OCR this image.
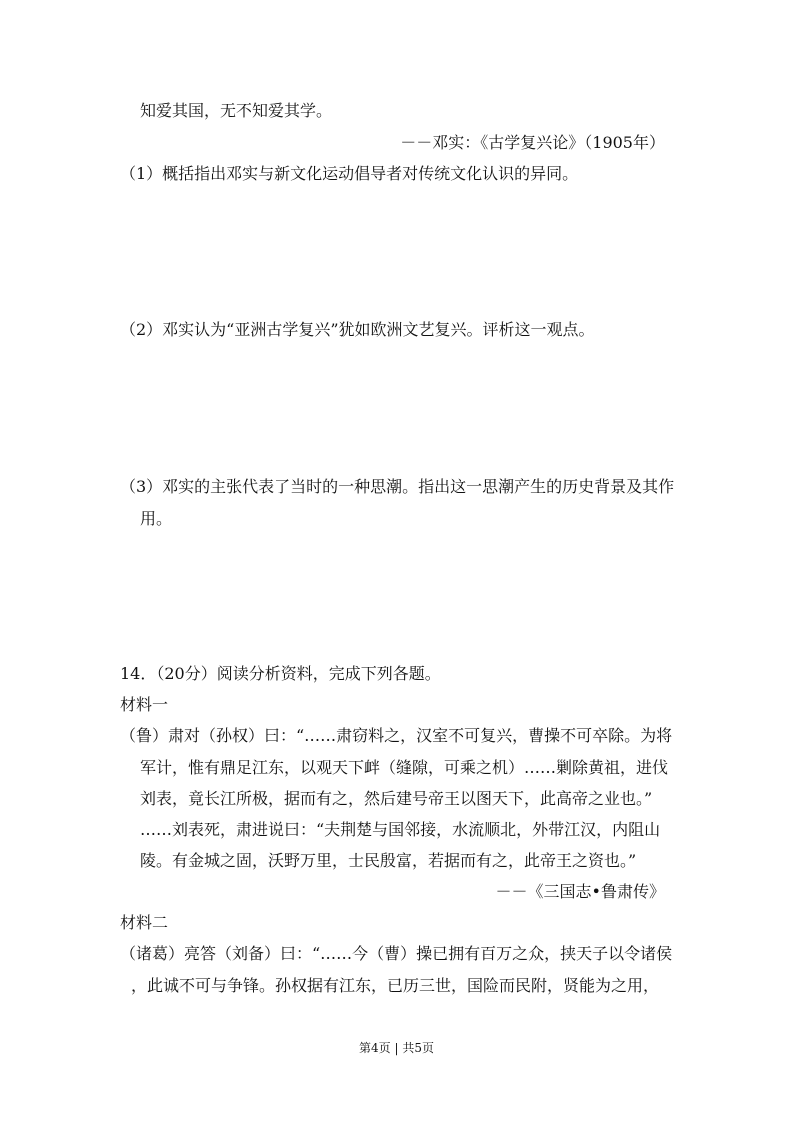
知爱其国，无不知爱其学。
－－邓实：《古学复兴论》（1905年）
（1）概括指出邓实与新文化运动倡导者对传统文化认识的异同。
（2）邓实认为“亚洲古学复兴”犹如欧洲文艺复兴。评析这一观点。
（3）邓实的主张代表了当时的一种思潮。指出这一思潮产生的历史背景及其作
用。
14．（20分）阅读分析资料，完成下列各题。
材料一
（鲁）肃对（孙权）曰：“……肃窃料之，汉室不可复兴，曹操不可卒除。为将
军计，惟有鼎足江东，以观天下衅（缝隙，可乘之机）……剿除黄祖，进伐
刘表，竟长江所极，据而有之，然后建号帝王以图天下，此高帝之业也。”
……刘表死，肃进说曰：“夫荆楚与国邻接，水流顺北，外带江汉，内阻山
陵。有金城之固，沃野万里，士民殷富，若据而有之，此帝王之资也。”
－－《三国志•鲁肃传》
材料二
（诸葛）亮答（刘备）曰：“……今（曹）操已拥有百万之众，挟天子以令诸侯
，此诚不可与争锋。孙权据有江东，已历三世，国险而民附，贤能为之用，
第4页 | 共5页
